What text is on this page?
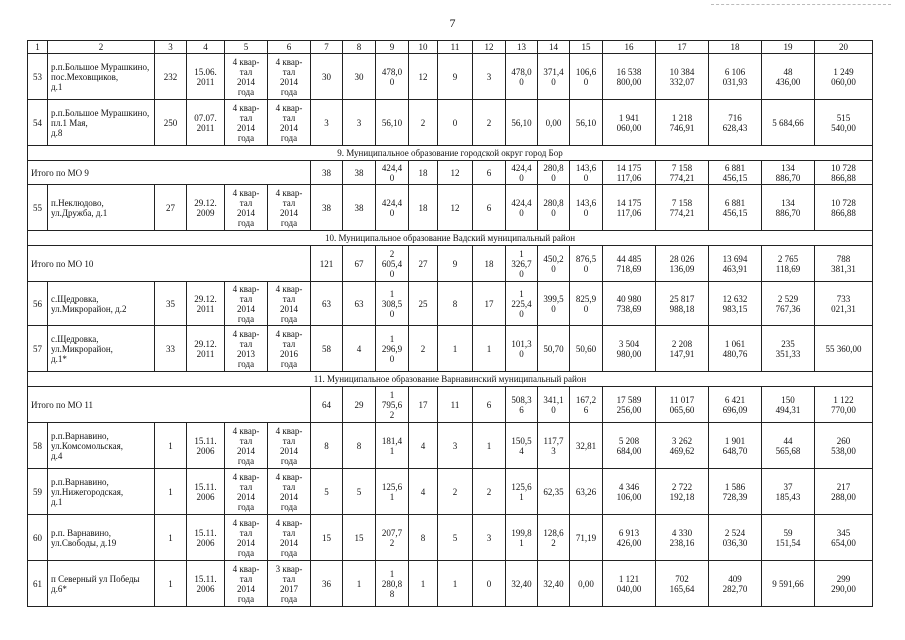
7
1	2	3	4	5	6	7	8	9	10	11	12	13	14	15	16	17	18	19	20
53	р.п.Большое Мурашкино,
пос.Меховщиков,
д.1	232	15.06.
2011	4 квар-
тал
2014
года	4 квар-
тал
2014
года	30	30	478,0
0	12	9	3	478,0
0	371,4
0	106,6
0	16 538
800,00	10 384
332,07	6 106
031,93	48
436,00	1 249
060,00
54	р.п.Большое Мурашкино, пл.1 Мая,
д.8	250	07.07.
2011	4 квар-
тал
2014
года	4 квар-
тал
2014
года	3	3	56,10	2	0	2	56,10	0,00	56,10	1 941
060,00	1 218
746,91	716
628,43	5 684,66	515
540,00
9. Муниципальное образование городской округ город Бор																			
Итого по МО 9						38	38	424,4
0	18	12	6	424,4
0	280,8
0	143,6
0	14 175
117,06	7 158
774,21	6 881
456,15	134
886,70	10 728
866,88
55	п.Неклюдово,
ул.Дружба, д.1	27	29.12.
2009	4 квар-
тал
2014
года	4 квар-
тал
2014
года	38	38	424,4
0	18	12	6	424,4
0	280,8
0	143,6
0	14 175
117,06	7 158
774,21	6 881
456,15	134
886,70	10 728
866,88
10. Муниципальное образование Вадский муниципальный район																			
Итого по МО 10						121	67	2
605,4
0	27	9	18	1
326,7
0	450,2
0	876,5
0	44 485
718,69	28 026
136,09	13 694
463,91	2 765
118,69	788
381,31
56	с.Щедровка,
ул.Микрорайон, д.2	35	29.12.
2011	4 квар-
тал
2014
года	4 квар-
тал
2014
года	63	63	1
308,5
0	25	8	17	1
225,4
0	399,5
0	825,9
0	40 980
738,69	25 817
988,18	12 632
983,15	2 529
767,36	733
021,31
57	с.Щедровка,
ул.Микрорайон,
д.1*	33	29.12.
2011	4 квар-
тал
2013
года	4 квар-
тал
2016
года	58	4	1
296,9
0	2	1	1	101,3
0	50,70	50,60	3 504
980,00	2 208
147,91	1 061
480,76	235
351,33	55 360,00
11. Муниципальное образование Варнавинский муниципальный район																			
Итого по МО 11						64	29	1
795,6
2	17	11	6	508,3
6	341,1
0	167,2
6	17 589
256,00	11 017
065,60	6 421
696,09	150
494,31	1 122
770,00
58	р.п.Варнавино,
ул.Комсомольская,
д.4	1	15.11.
2006	4 квар-
тал
2014
года	4 квар-
тал
2014
года	8	8	181,4
1	4	3	1	150,5
4	117,7
3	32,81	5 208
684,00	3 262
469,62	1 901
648,70	44
565,68	260
538,00
59	р.п.Варнавино,
ул.Нижегородская,
д.1	1	15.11.
2006	4 квар-
тал
2014
года	4 квар-
тал
2014
года	5	5	125,6
1	4	2	2	125,6
1	62,35	63,26	4 346
106,00	2 722
192,18	1 586
728,39	37
185,43	217
288,00
60	р.п. Варнавино,
ул.Свободы, д.19	1	15.11.
2006	4 квар-
тал
2014
года	4 квар-
тал
2014
года	15	15	207,7
2	8	5	3	199,8
1	128,6
2	71,19	6 913
426,00	4 330
238,16	2 524
036,30	59
151,54	345
654,00
61	п Северный ул Победы д.6*	1	15.11.
2006	4 квар-
тал
2014
года	3 квар-
тал
2017
года	36	1	1
280,8
8	1	1	0	32,40	32,40	0,00	1 121
040,00	702
165,64	409
282,70	9 591,66	299
290,00
